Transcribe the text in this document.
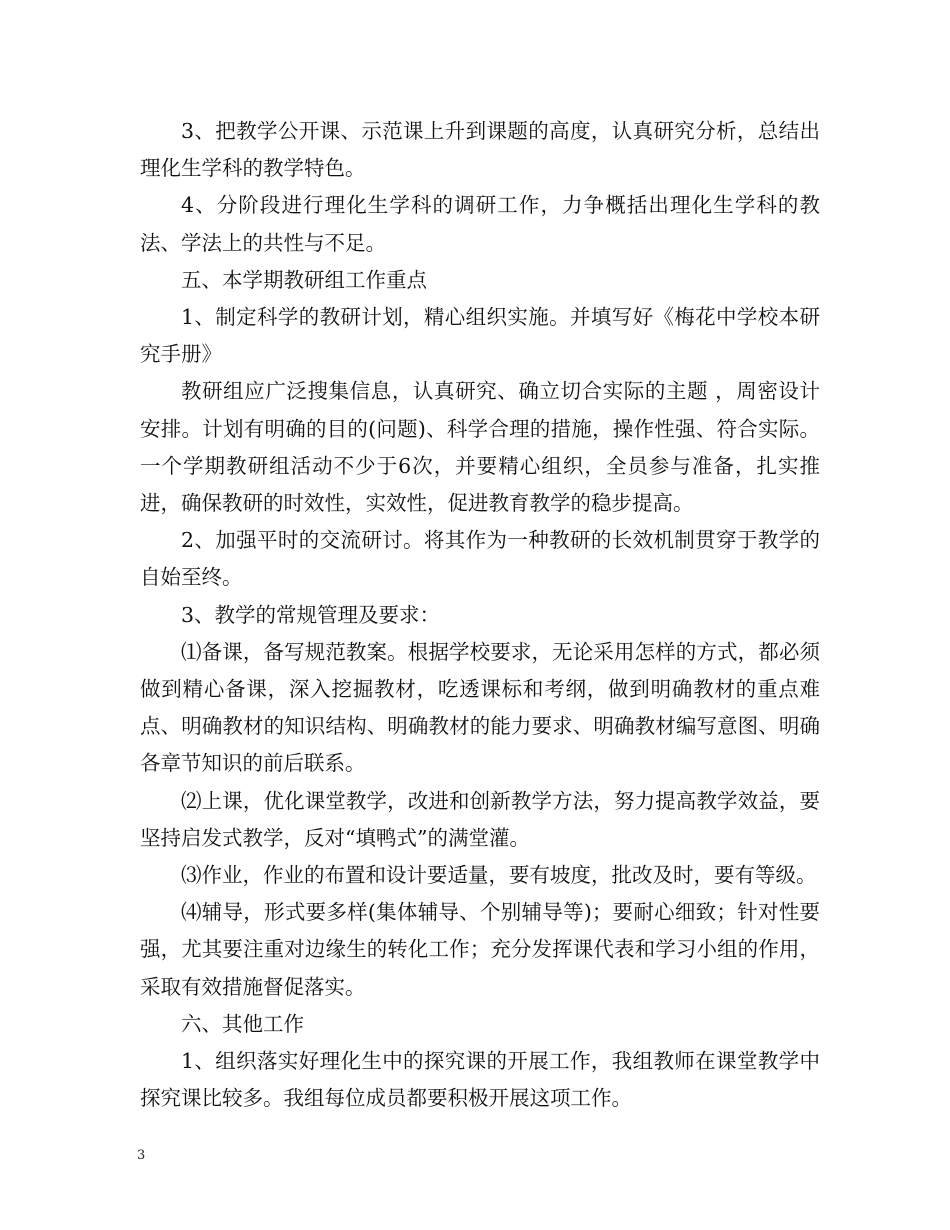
3、把教学公开课、示范课上升到课题的高度，认真研究分析，总结出理化生学科的教学特色。

4、分阶段进行理化生学科的调研工作，力争概括出理化生学科的教法、学法上的共性与不足。

五、本学期教研组工作重点

1、制定科学的教研计划，精心组织实施。并填写好《梅花中学校本研究手册》

教研组应广泛搜集信息，认真研究、确立切合实际的主题 ，周密设计安排。计划有明确的目的(问题)、科学合理的措施，操作性强、符合实际。一个学期教研组活动不少于6次，并要精心组织，全员参与准备，扎实推进，确保教研的时效性，实效性，促进教育教学的稳步提高。

2、加强平时的交流研讨。将其作为一种教研的长效机制贯穿于教学的自始至终。

3、教学的常规管理及要求：

⑴备课，备写规范教案。根据学校要求，无论采用怎样的方式，都必须做到精心备课，深入挖掘教材，吃透课标和考纲，做到明确教材的重点难点、明确教材的知识结构、明确教材的能力要求、明确教材编写意图、明确各章节知识的前后联系。

⑵上课，优化课堂教学，改进和创新教学方法，努力提高教学效益，要坚持启发式教学，反对“填鸭式”的满堂灌。

⑶作业，作业的布置和设计要适量，要有坡度，批改及时，要有等级。

⑷辅导，形式要多样(集体辅导、个别辅导等)；要耐心细致；针对性要强，尤其要注重对边缘生的转化工作；充分发挥课代表和学习小组的作用，采取有效措施督促落实。

六、其他工作

1、组织落实好理化生中的探究课的开展工作，我组教师在课堂教学中探究课比较多。我组每位成员都要积极开展这项工作。

3
